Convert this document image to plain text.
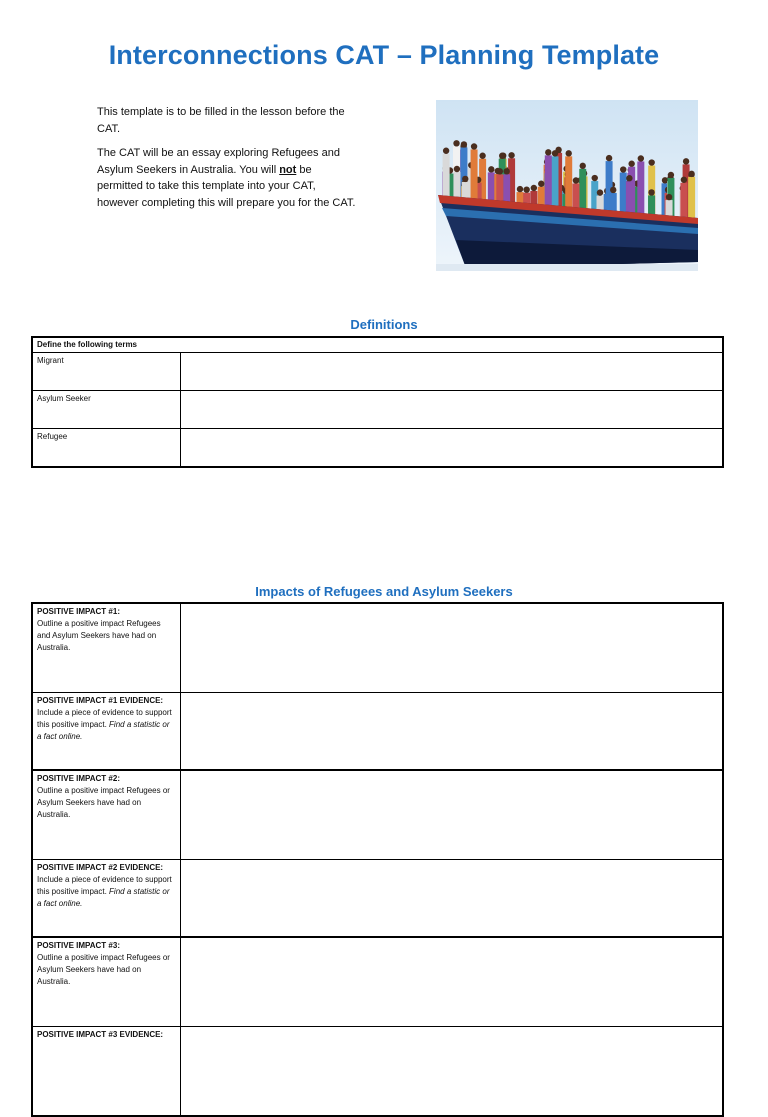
Interconnections CAT – Planning Template

This template is to be filled in the lesson before the CAT.

The CAT will be an essay exploring Refugees and Asylum Seekers in Australia. You will not be permitted to take this template into your CAT, however completing this will prepare you for the CAT.

Definitions
Define the following terms	
Migrant	
Asylum Seeker	
Refugee	
Impacts of Refugees and Asylum Seekers
POSITIVE IMPACT #1:
Outline a positive impact Refugees and Asylum Seekers have had on Australia.	
POSITIVE IMPACT #1 EVIDENCE:
Include a piece of evidence to support this positive impact. Find a statistic or a fact online.	
POSITIVE IMPACT #2:
Outline a positive impact Refugees or Asylum Seekers have had on Australia.	
POSITIVE IMPACT #2 EVIDENCE:
Include a piece of evidence to support this positive impact. Find a statistic or a fact online.	
POSITIVE IMPACT #3:
Outline a positive impact Refugees or Asylum Seekers have had on Australia.	
POSITIVE IMPACT #3 EVIDENCE:	
